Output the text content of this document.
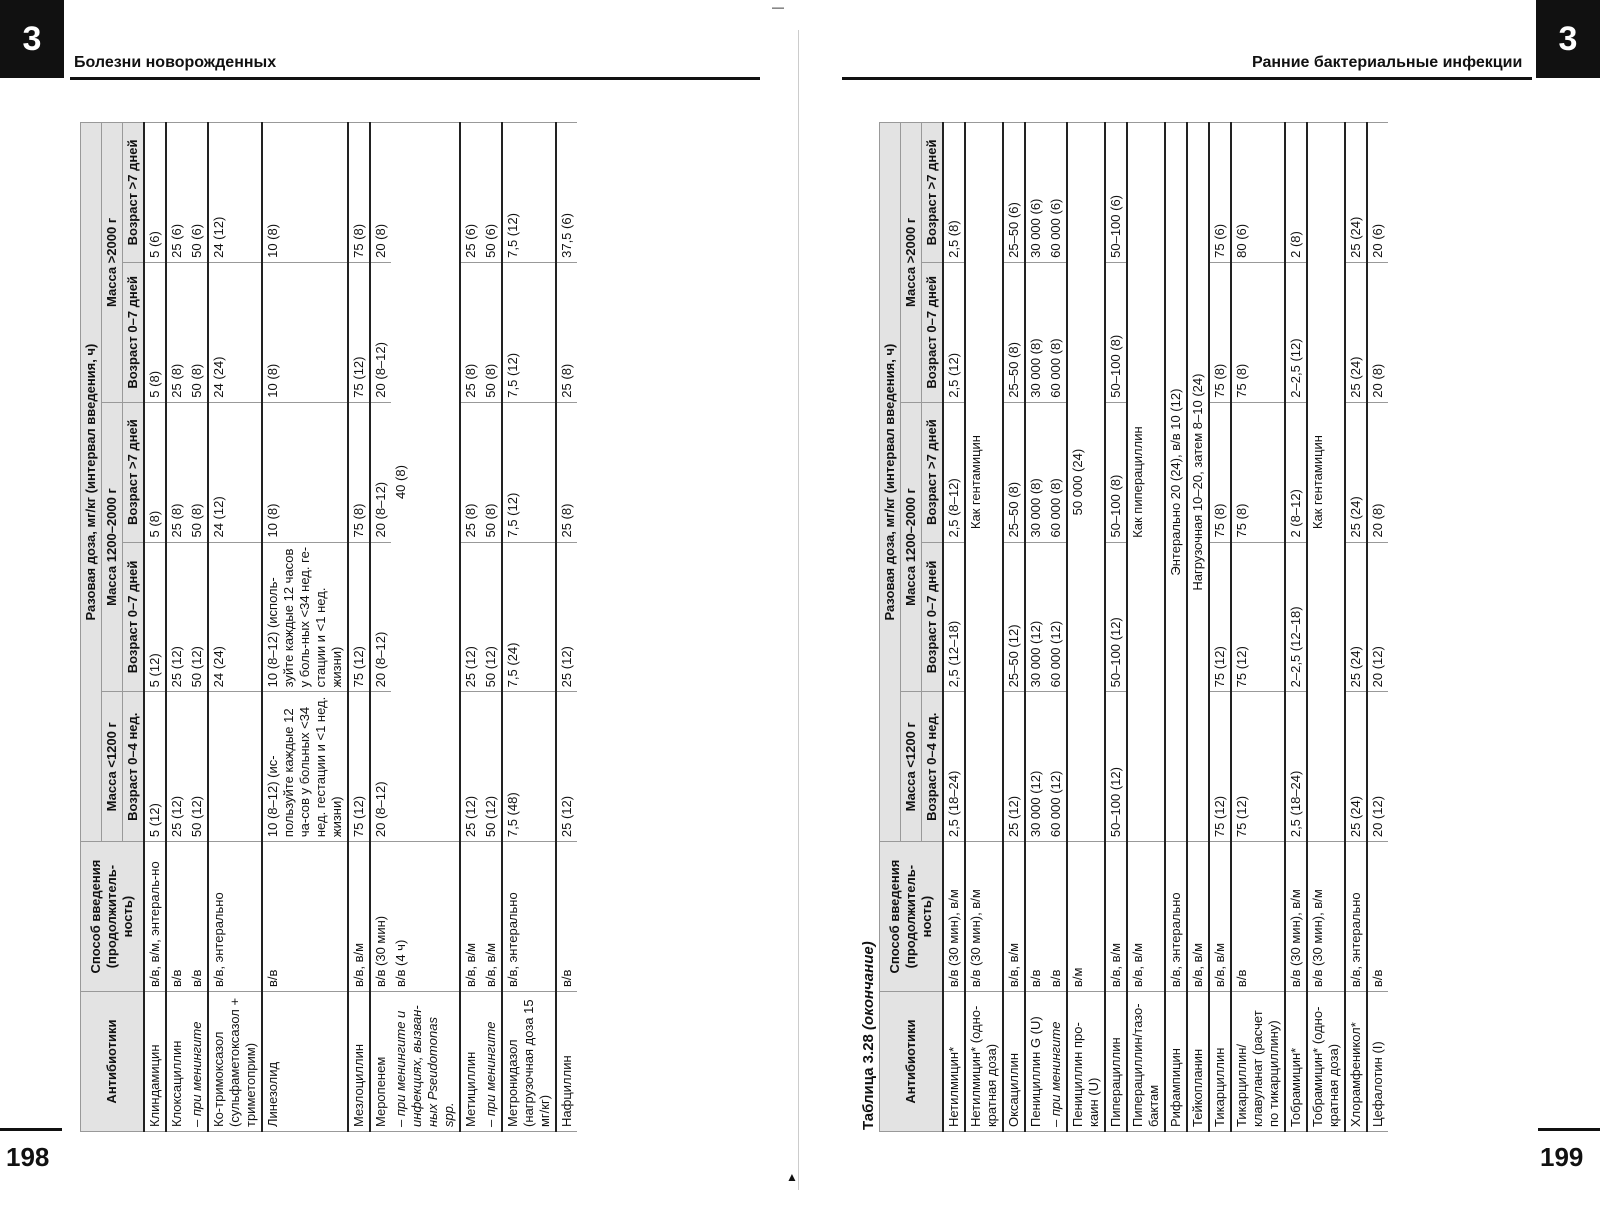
—
▲
3
Болезни новорожденных
198
Антибиотики	Способ введения (продолжитель-ность)	Разовая доза, мг/кг (интервал введения, ч)				
		Масса <1200 г	Масса 1200–2000 г		Масса >2000 г	
		Возраст 0–4 нед.	Возраст 0–7 дней	Возраст >7 дней	Возраст 0–7 дней	Возраст >7 дней
Клиндамицин	в/в, в/м, энтераль-но	5 (12)	5 (12)	5 (8)	5 (8)	5 (6)
Клоксациллин	в/в	25 (12)	25 (12)	25 (8)	25 (8)	25 (6)
– при менингите	в/в	50 (12)	50 (12)	50 (8)	50 (8)	50 (6)
Ко-тримоксазол (сульфаметоксазол + триметоприм)	в/в, энтерально		24 (24)	24 (12)	24 (24)	24 (12)
Линезолид	в/в	10 (8–12) (ис-пользуйте каждые 12 ча-сов у больных <34 нед. гестации и <1 нед. жизни)	10 (8–12) (исполь-зуйте каждые 12 часов у боль-ных <34 нед. ге-стации и <1 нед. жизни)	10 (8)	10 (8)	10 (8)
Мезлоциллин	в/в, в/м	75 (12)	75 (12)	75 (8)	75 (12)	75 (8)
Меропенем	в/в (30 мин)	20 (8–12)	20 (8–12)	20 (8–12)	20 (8–12)	20 (8)
– при менингите и инфекциях, вызван-ных Pseudomonas spp.	в/в (4 ч)	40 (8)				
Метициллин	в/в, в/м	25 (12)	25 (12)	25 (8)	25 (8)	25 (6)
– при менингите	в/в, в/м	50 (12)	50 (12)	50 (8)	50 (8)	50 (6)
Метронидазол (нагрузочная доза 15 мг/кг)	в/в, энтерально	7,5 (48)	7,5 (24)	7,5 (12)	7,5 (12)	7,5 (12)
Нафциллин	в/в	25 (12)	25 (12)	25 (8)	25 (8)	37,5 (6)
3
Ранние бактериальные инфекции
199
Таблица 3.28 (окончание)
Антибиотики	Способ введения (продолжитель-ность)	Разовая доза, мг/кг (интервал введения, ч)				
		Масса <1200 г	Масса 1200–2000 г		Масса >2000 г	
		Возраст 0–4 нед.	Возраст 0–7 дней	Возраст >7 дней	Возраст 0–7 дней	Возраст >7 дней
Нетилмицин*	в/в (30 мин), в/м	2,5 (18–24)	2,5 (12–18)	2,5 (8–12)	2,5 (12)	2,5 (8)
Нетилмицин* (одно-кратная доза)	в/в (30 мин), в/м	Как гентамицин				
Оксациллин	в/в, в/м	25 (12)	25–50 (12)	25–50 (8)	25–50 (8)	25–50 (6)
Пенициллин G (U)	в/в	30 000 (12)	30 000 (12)	30 000 (8)	30 000 (8)	30 000 (6)
– при менингите	в/в	60 000 (12)	60 000 (12)	60 000 (8)	60 000 (8)	60 000 (6)
Пенициллин про-каин (U)	в/м	50 000 (24)				
Пиперациллин	в/в, в/м	50–100 (12)	50–100 (12)	50–100 (8)	50–100 (8)	50–100 (6)
Пиперациллин/тазо-бактам	в/в, в/м	Как пиперациллин				
Рифампицин	в/в, энтерально	Энтерально 20 (24), в/в 10 (12)				
Тейкопланин	в/в, в/м	Нагрузочная 10–20, затем 8–10 (24)				
Тикарциллин	в/в, в/м	75 (12)	75 (12)	75 (8)	75 (8)	75 (6)
Тикарциллин/ клавуланат (расчет по тикарциллину)	в/в	75 (12)	75 (12)	75 (8)	75 (8)	80 (6)
Тобрамицин*	в/в (30 мин), в/м	2,5 (18–24)	2–2,5 (12–18)	2 (8–12)	2–2,5 (12)	2 (8)
Тобрамицин* (одно-кратная доза)	в/в (30 мин), в/м	Как гентамицин				
Хлорамфеникол*	в/в, энтерально	25 (24)	25 (24)	25 (24)	25 (24)	25 (24)
Цефалотин (I)	в/в	20 (12)	20 (12)	20 (8)	20 (8)	20 (6)
